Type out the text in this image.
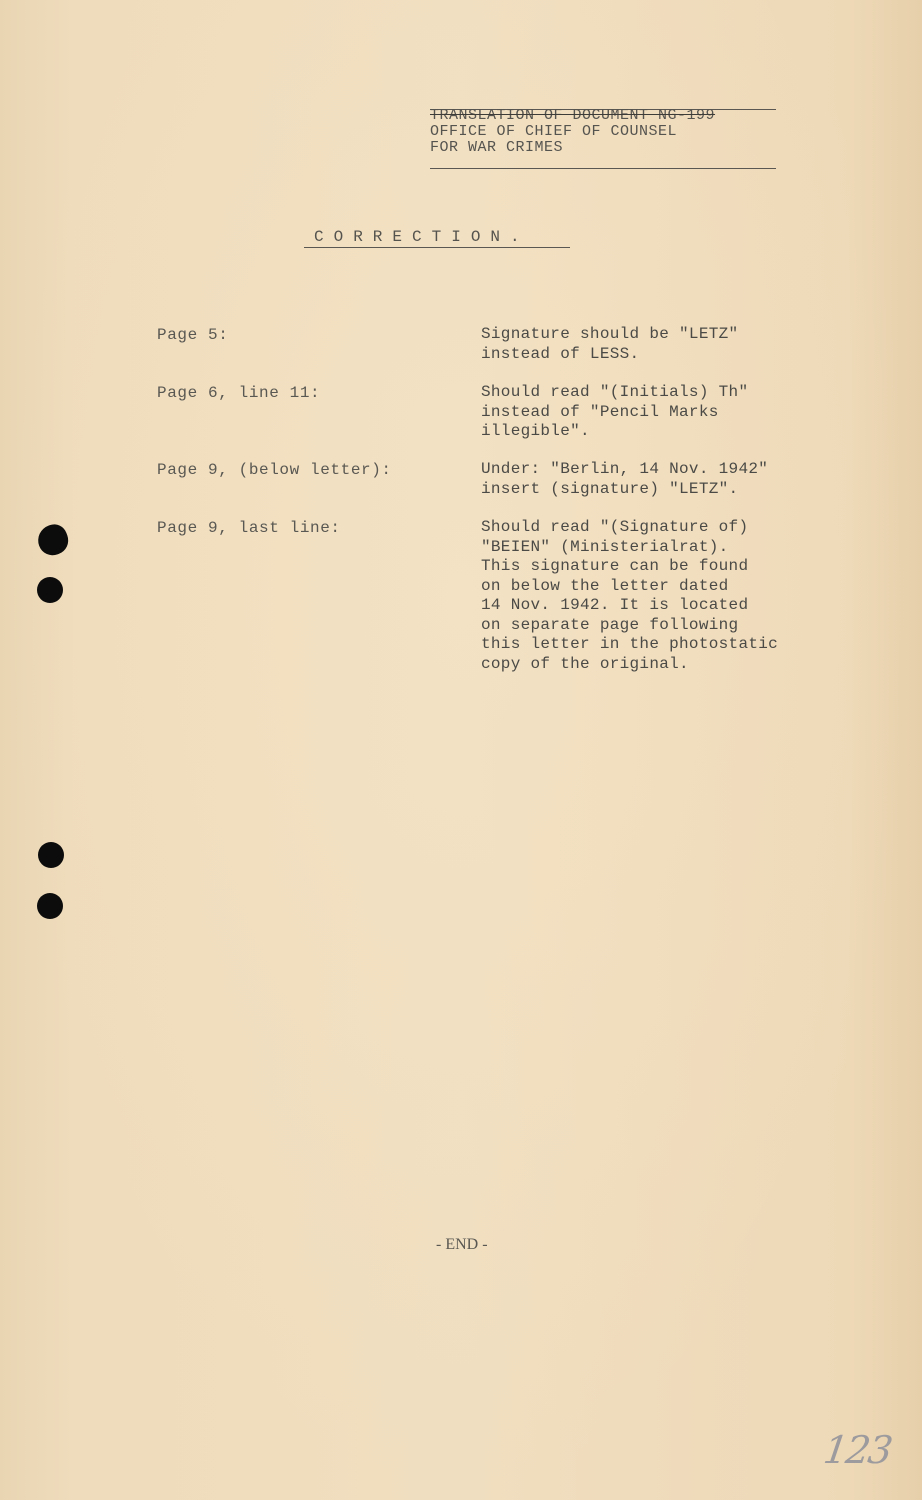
TRANSLATION OF DOCUMENT NG-199
OFFICE OF CHIEF OF COUNSEL
FOR WAR CRIMES
CORRECTION.
Page 5:	Signature should be "LETZ"
instead of LESS.
Page 6, line 11:	Should read "(Initials) Th"
instead of "Pencil Marks
illegible".
Page 9, (below letter):	Under: "Berlin, 14 Nov. 1942"
insert (signature) "LETZ".
Page 9, last line:	Should read "(Signature of)
"BEIEN" (Ministerialrat).
This signature can be found
on below the letter dated
14 Nov. 1942. It is located
on separate page following
this letter in the photostatic
copy of the original.
- END -
123
